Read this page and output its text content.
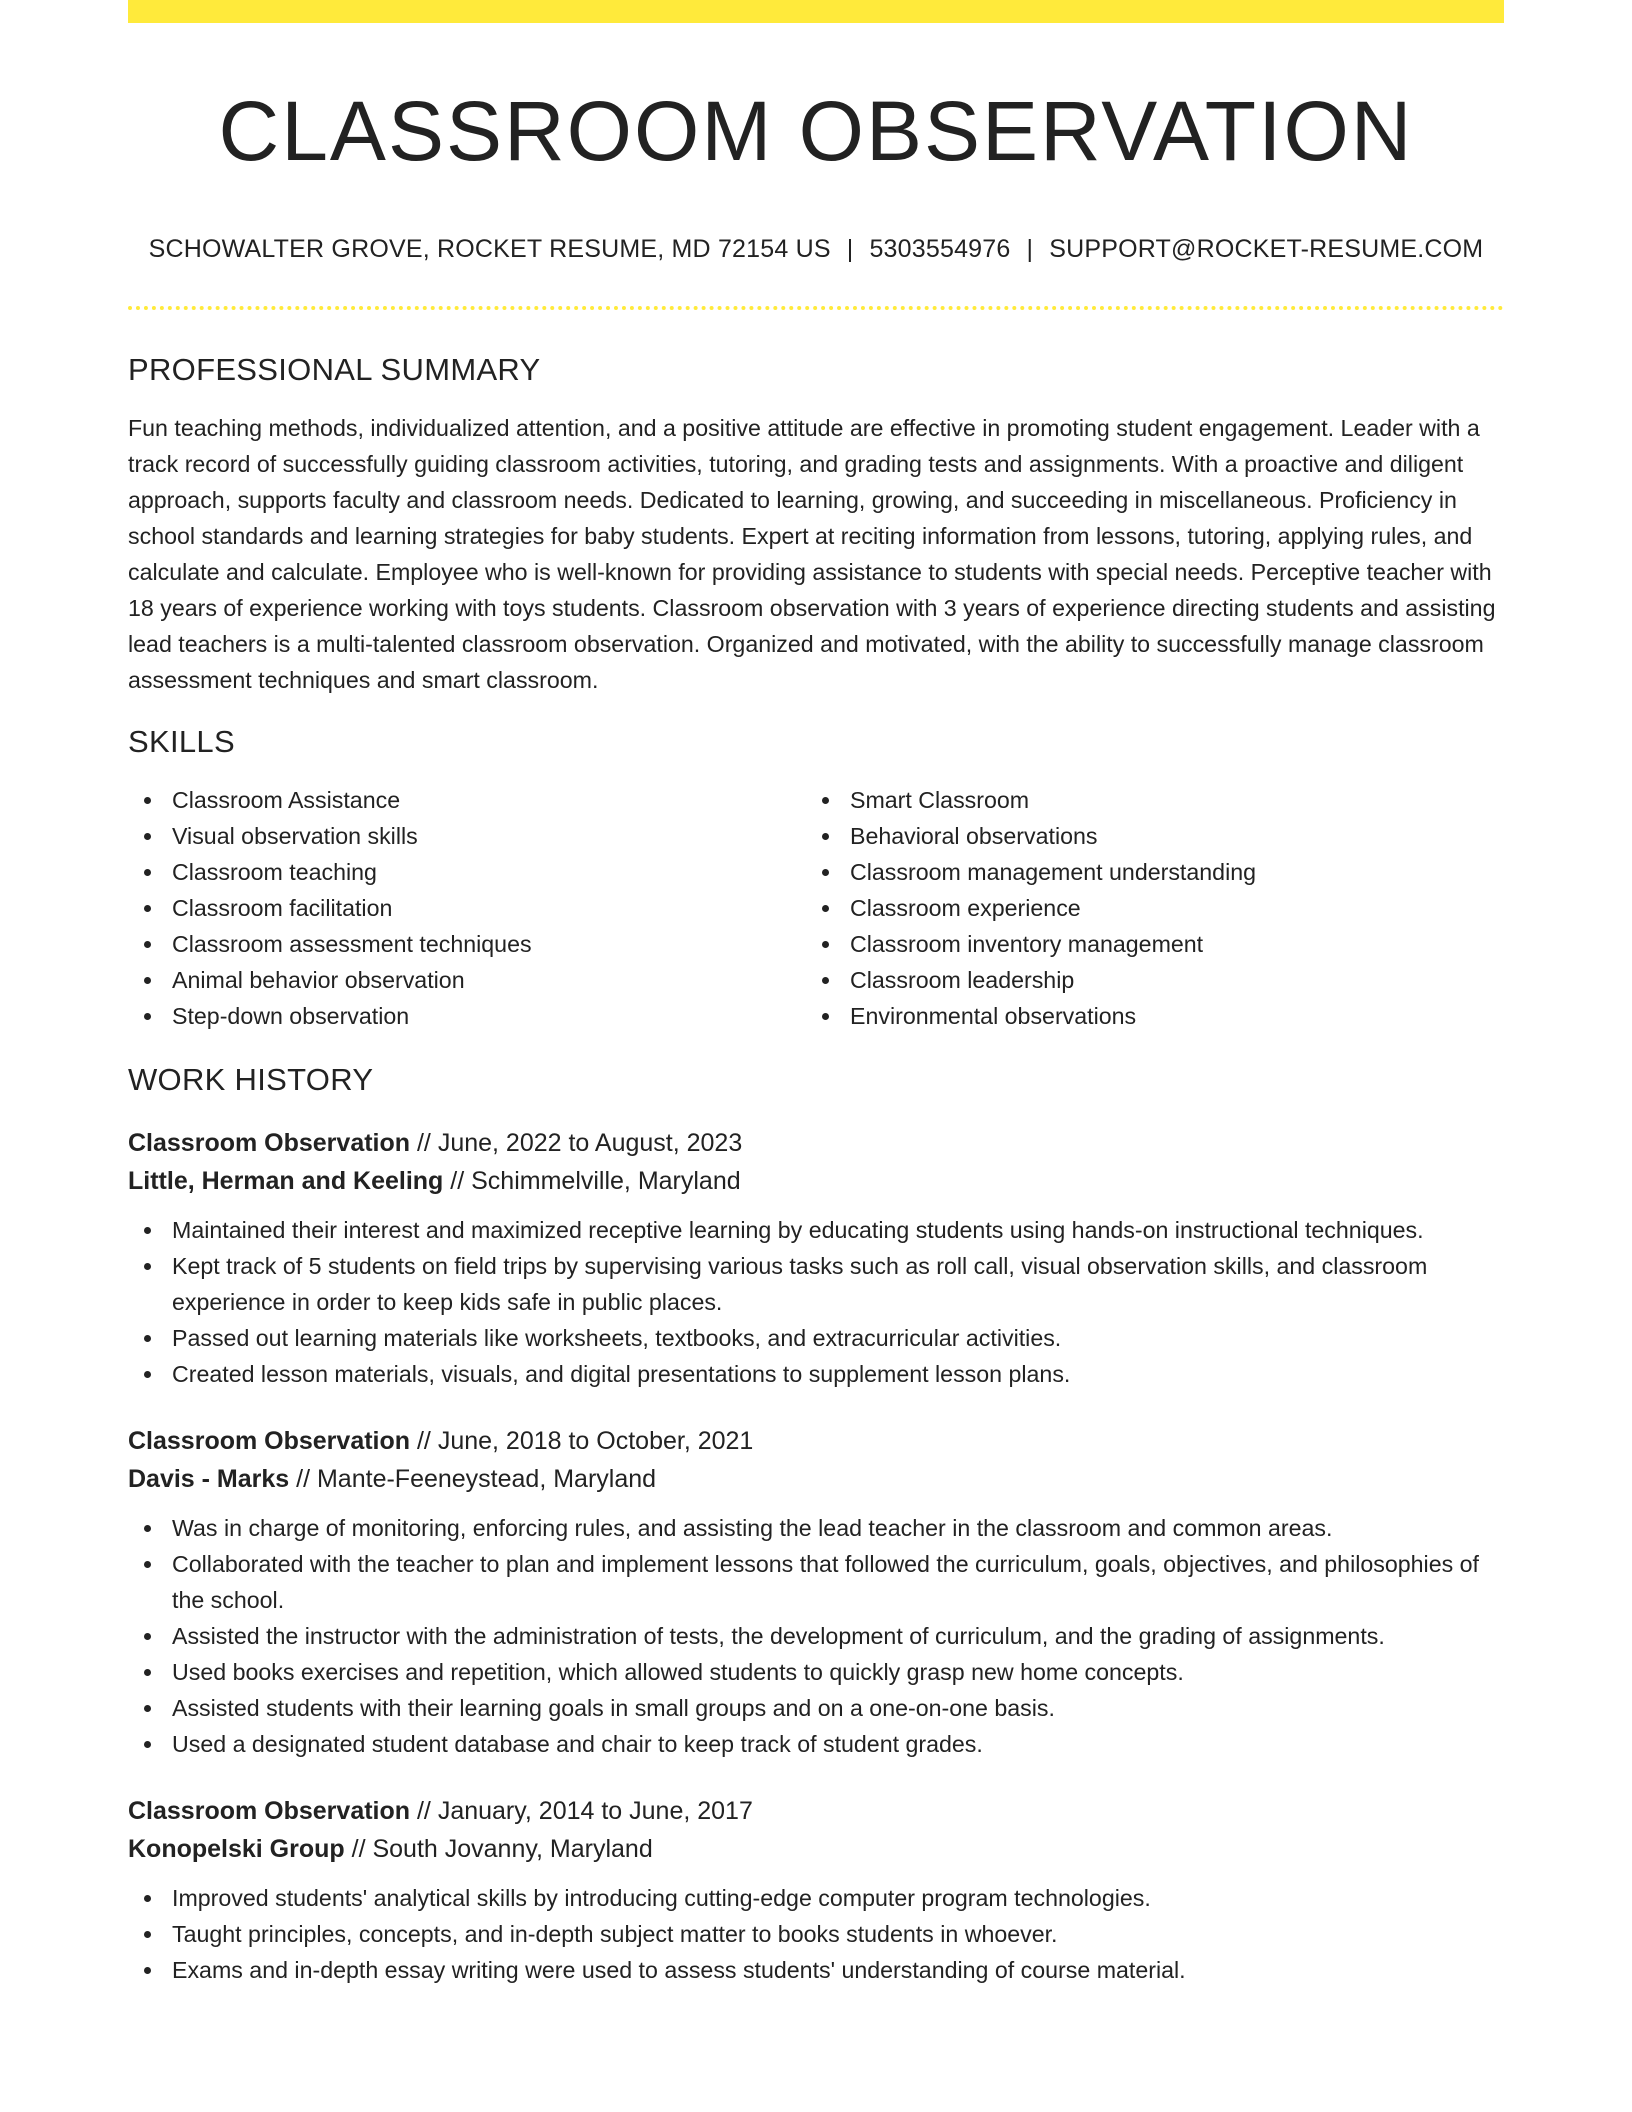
CLASSROOM OBSERVATION
SCHOWALTER GROVE, ROCKET RESUME, MD 72154 US | 5303554976 | SUPPORT@ROCKET-RESUME.COM
PROFESSIONAL SUMMARY

Fun teaching methods, individualized attention, and a positive attitude are effective in promoting student engagement. Leader with a track record of successfully guiding classroom activities, tutoring, and grading tests and assignments. With a proactive and diligent approach, supports faculty and classroom needs. Dedicated to learning, growing, and succeeding in miscellaneous. Proficiency in school standards and learning strategies for baby students. Expert at reciting information from lessons, tutoring, applying rules, and calculate and calculate. Employee who is well-known for providing assistance to students with special needs. Perceptive teacher with 18 years of experience working with toys students. Classroom observation with 3 years of experience directing students and assisting lead teachers is a multi-talented classroom observation. Organized and motivated, with the ability to successfully manage classroom assessment techniques and smart classroom.

SKILLS
Classroom Assistance
Visual observation skills
Classroom teaching
Classroom facilitation
Classroom assessment techniques
Animal behavior observation
Step-down observation
Smart Classroom
Behavioral observations
Classroom management understanding
Classroom experience
Classroom inventory management
Classroom leadership
Environmental observations
WORK HISTORY
Classroom Observation // June, 2022 to August, 2023
Little, Herman and Keeling // Schimmelville, Maryland
Maintained their interest and maximized receptive learning by educating students using hands-on instructional techniques.
Kept track of 5 students on field trips by supervising various tasks such as roll call, visual observation skills, and classroom experience in order to keep kids safe in public places.
Passed out learning materials like worksheets, textbooks, and extracurricular activities.
Created lesson materials, visuals, and digital presentations to supplement lesson plans.
Classroom Observation // June, 2018 to October, 2021
Davis - Marks // Mante-Feeneystead, Maryland
Was in charge of monitoring, enforcing rules, and assisting the lead teacher in the classroom and common areas.
Collaborated with the teacher to plan and implement lessons that followed the curriculum, goals, objectives, and philosophies of the school.
Assisted the instructor with the administration of tests, the development of curriculum, and the grading of assignments.
Used books exercises and repetition, which allowed students to quickly grasp new home concepts.
Assisted students with their learning goals in small groups and on a one-on-one basis.
Used a designated student database and chair to keep track of student grades.
Classroom Observation // January, 2014 to June, 2017
Konopelski Group // South Jovanny, Maryland
Improved students' analytical skills by introducing cutting-edge computer program technologies.
Taught principles, concepts, and in-depth subject matter to books students in whoever.
Exams and in-depth essay writing were used to assess students' understanding of course material.
